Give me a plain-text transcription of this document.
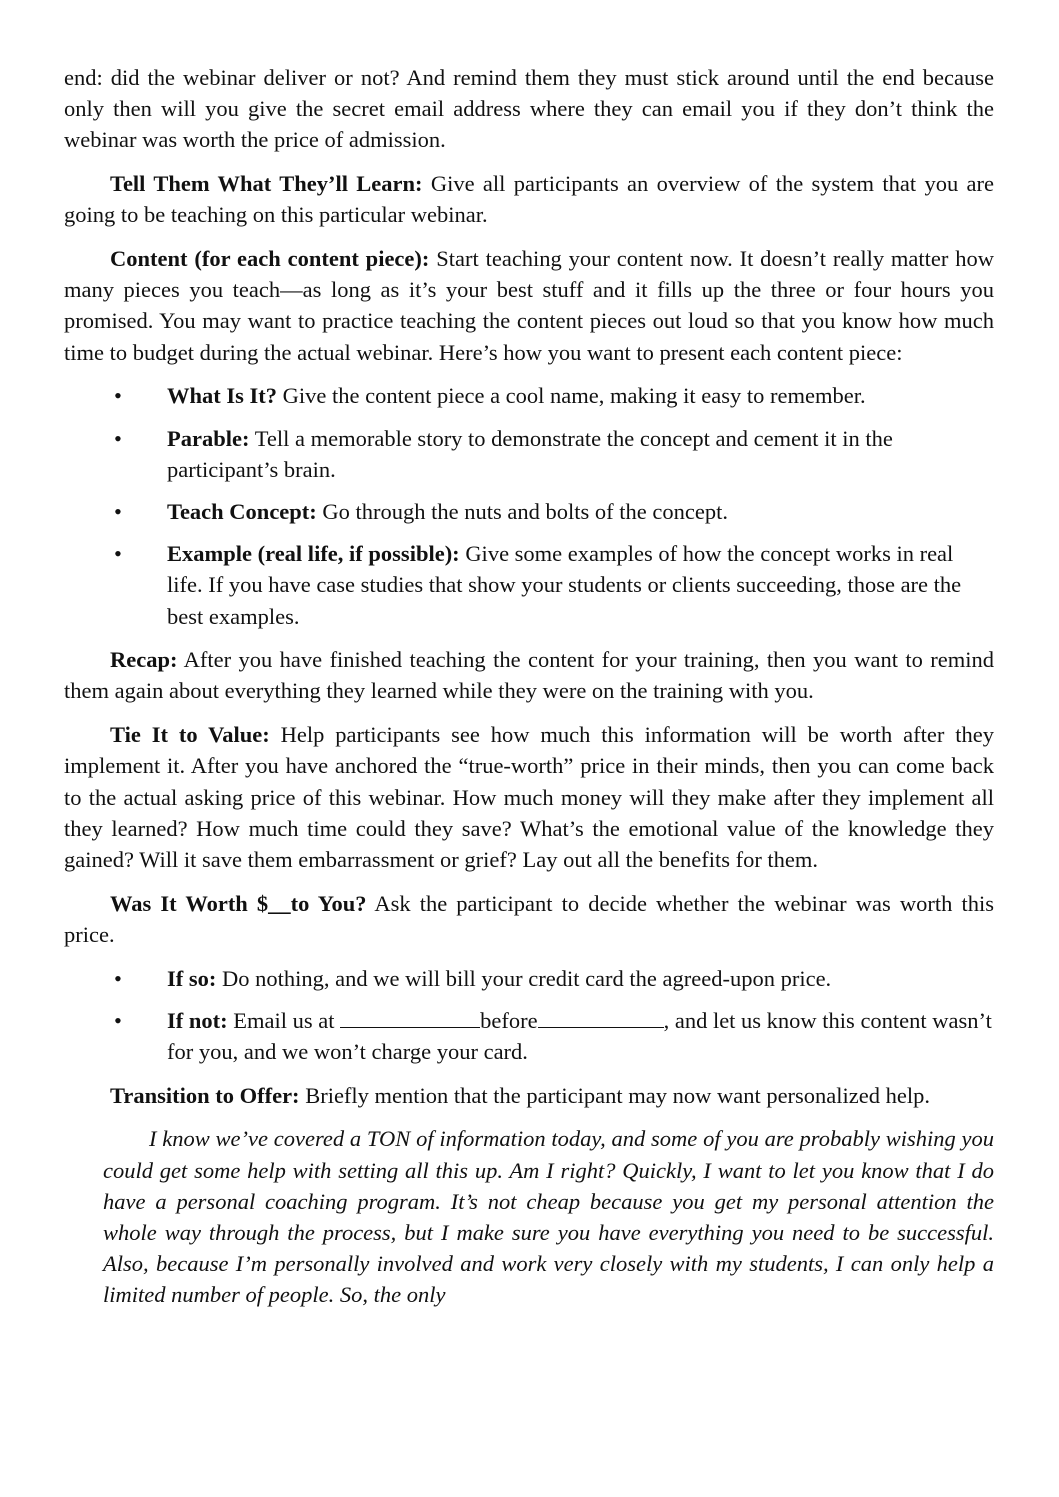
end: did the webinar deliver or not? And remind them they must stick around until the end because only then will you give the secret email address where they can email you if they don’t think the webinar was worth the price of admission.

Tell Them What They’ll Learn: Give all participants an overview of the system that you are going to be teaching on this particular webinar.

Content (for each content piece): Start teaching your content now. It doesn’t really matter how many pieces you teach—as long as it’s your best stuff and it fills up the three or four hours you promised. You may want to practice teaching the content pieces out loud so that you know how much time to budget during the actual webinar. Here’s how you want to present each content piece:

• What Is It? Give the content piece a cool name, making it easy to remember.
• Parable: Tell a memorable story to demonstrate the concept and cement it in the participant’s brain.
• Teach Concept: Go through the nuts and bolts of the concept.
• Example (real life, if possible): Give some examples of how the concept works in real life. If you have case studies that show your students or clients succeeding, those are the best examples.

Recap: After you have finished teaching the content for your training, then you want to remind them again about everything they learned while they were on the training with you.

Tie It to Value: Help participants see how much this information will be worth after they implement it. After you have anchored the “true-worth” price in their minds, then you can come back to the actual asking price of this webinar. How much money will they make after they implement all they learned? How much time could they save? What’s the emotional value of the knowledge they gained? Will it save them embarrassment or grief? Lay out all the benefits for them.

Was It Worth $__to You? Ask the participant to decide whether the webinar was worth this price.

• If so: Do nothing, and we will bill your credit card the agreed-upon price.
• If not: Email us at	before	, and let us know this content wasn’t for you, and we won’t charge your card.

Transition to Offer: Briefly mention that the participant may now want personalized help.

I know we’ve covered a TON of information today, and some of you are probably wishing you could get some help with setting all this up. Am I right? Quickly, I want to let you know that I do have a personal coaching program. It’s not cheap because you get my personal attention the whole way through the process, but I make sure you have everything you need to be successful. Also, because I’m personally involved and work very closely with my students, I can only help a limited number of people. So, the only
